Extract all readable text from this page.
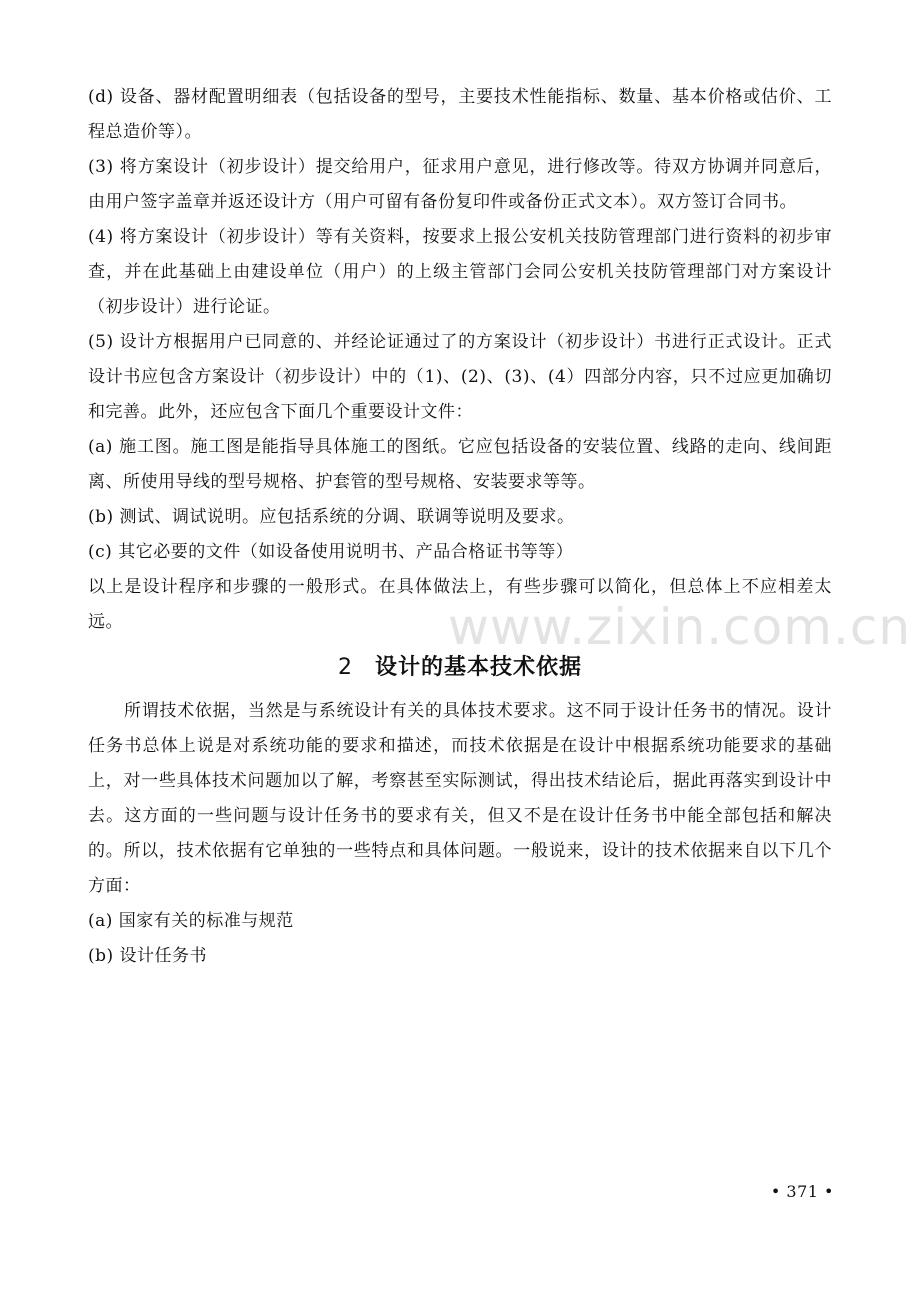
(d) 设备、器材配置明细表（包括设备的型号，主要技术性能指标、数量、基本价格或估价、工程总造价等）。

(3) 将方案设计（初步设计）提交给用户，征求用户意见，进行修改等。待双方协调并同意后，由用户签字盖章并返还设计方（用户可留有备份复印件或备份正式文本）。双方签订合同书。

(4) 将方案设计（初步设计）等有关资料，按要求上报公安机关技防管理部门进行资料的初步审查，并在此基础上由建设单位（用户）的上级主管部门会同公安机关技防管理部门对方案设计（初步设计）进行论证。

(5) 设计方根据用户已同意的、并经论证通过了的方案设计（初步设计）书进行正式设计。正式设计书应包含方案设计（初步设计）中的（1)、(2)、(3)、(4）四部分内容，只不过应更加确切和完善。此外，还应包含下面几个重要设计文件：

(a) 施工图。施工图是能指导具体施工的图纸。它应包括设备的安装位置、线路的走向、线间距离、所使用导线的型号规格、护套管的型号规格、安装要求等等。

(b) 测试、调试说明。应包括系统的分调、联调等说明及要求。

(c) 其它必要的文件（如设备使用说明书、产品合格证书等等）

以上是设计程序和步骤的一般形式。在具体做法上，有些步骤可以简化，但总体上不应相差太远。

2 设计的基本技术依据

所谓技术依据，当然是与系统设计有关的具体技术要求。这不同于设计任务书的情况。设计任务书总体上说是对系统功能的要求和描述，而技术依据是在设计中根据系统功能要求的基础上，对一些具体技术问题加以了解，考察甚至实际测试，得出技术结论后，据此再落实到设计中去。这方面的一些问题与设计任务书的要求有关，但又不是在设计任务书中能全部包括和解决的。所以，技术依据有它单独的一些特点和具体问题。一般说来，设计的技术依据来自以下几个方面：

(a) 国家有关的标准与规范

(b) 设计任务书

www.zixin.com.cn
• 371 •
